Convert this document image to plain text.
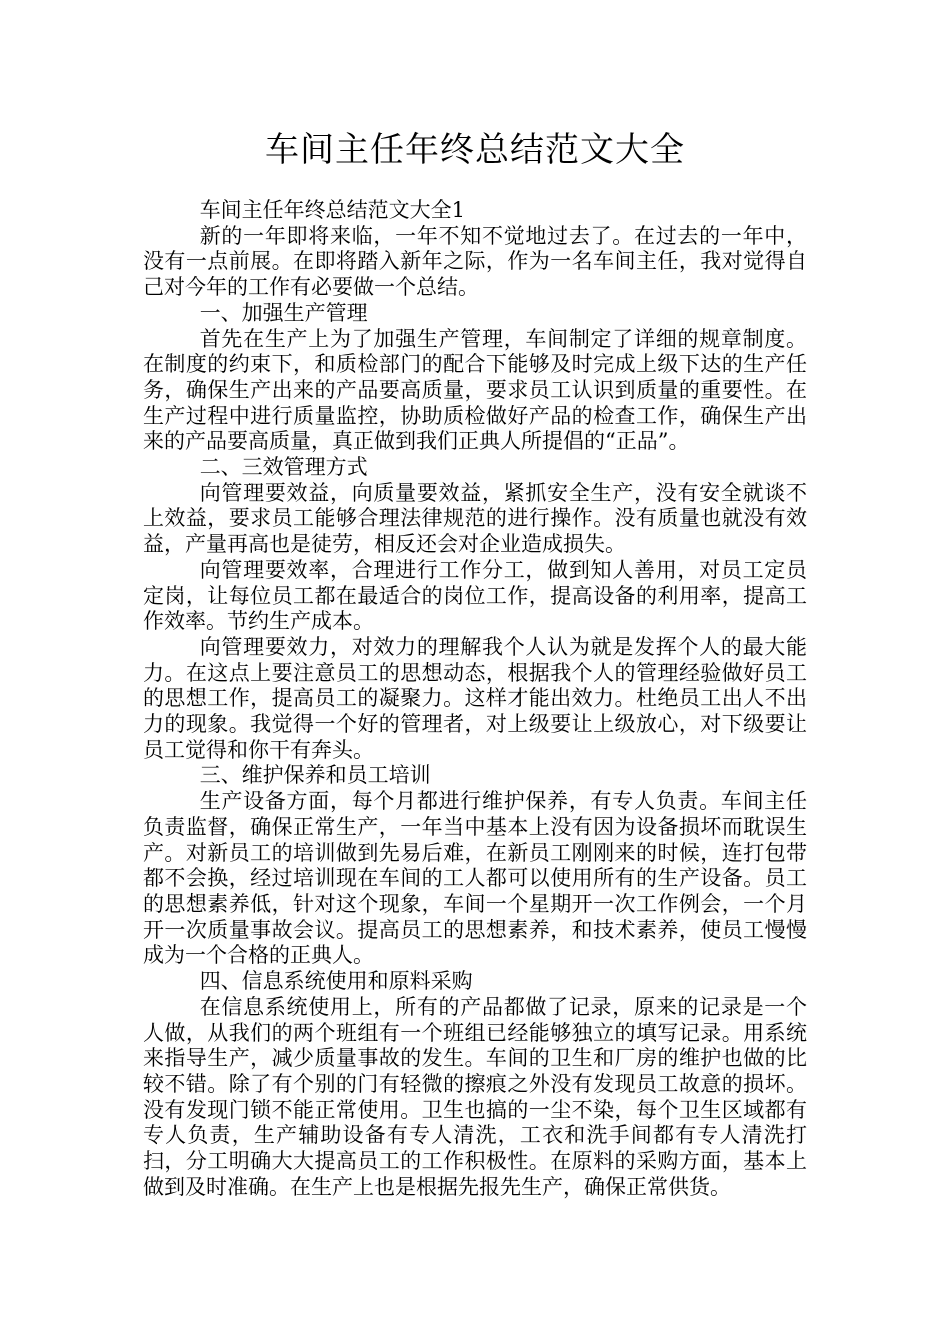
车间主任年终总结范文大全

车间主任年终总结范文大全1

新的一年即将来临，一年不知不觉地过去了。在过去的一年中，没有一点前展。在即将踏入新年之际，作为一名车间主任，我对觉得自己对今年的工作有必要做一个总结。

一、加强生产管理

首先在生产上为了加强生产管理，车间制定了详细的规章制度。在制度的约束下，和质检部门的配合下能够及时完成上级下达的生产任务，确保生产出来的产品要高质量，要求员工认识到质量的重要性。在生产过程中进行质量监控，协助质检做好产品的检查工作，确保生产出来的产品要高质量，真正做到我们正典人所提倡的“正品”。

二、三效管理方式

向管理要效益，向质量要效益，紧抓安全生产，没有安全就谈不上效益，要求员工能够合理法律规范的进行操作。没有质量也就没有效益，产量再高也是徒劳，相反还会对企业造成损失。

向管理要效率，合理进行工作分工，做到知人善用，对员工定员定岗，让每位员工都在最适合的岗位工作，提高设备的利用率，提高工作效率。节约生产成本。

向管理要效力，对效力的理解我个人认为就是发挥个人的最大能力。在这点上要注意员工的思想动态，根据我个人的管理经验做好员工的思想工作，提高员工的凝聚力。这样才能出效力。杜绝员工出人不出力的现象。我觉得一个好的管理者，对上级要让上级放心，对下级要让员工觉得和你干有奔头。

三、维护保养和员工培训

生产设备方面，每个月都进行维护保养，有专人负责。车间主任负责监督，确保正常生产，一年当中基本上没有因为设备损坏而耽误生产。对新员工的培训做到先易后难，在新员工刚刚来的时候，连打包带都不会换，经过培训现在车间的工人都可以使用所有的生产设备。员工的思想素养低，针对这个现象，车间一个星期开一次工作例会，一个月开一次质量事故会议。提高员工的思想素养，和技术素养，使员工慢慢成为一个合格的正典人。

四、信息系统使用和原料采购

在信息系统使用上，所有的产品都做了记录，原来的记录是一个人做，从我们的两个班组有一个班组已经能够独立的填写记录。用系统来指导生产，减少质量事故的发生。车间的卫生和厂房的维护也做的比较不错。除了有个别的门有轻微的擦痕之外没有发现员工故意的损坏。没有发现门锁不能正常使用。卫生也搞的一尘不染，每个卫生区域都有专人负责，生产辅助设备有专人清洗，工衣和洗手间都有专人清洗打扫，分工明确大大提高员工的工作积极性。在原料的采购方面，基本上做到及时准确。在生产上也是根据先报先生产，确保正常供货。
